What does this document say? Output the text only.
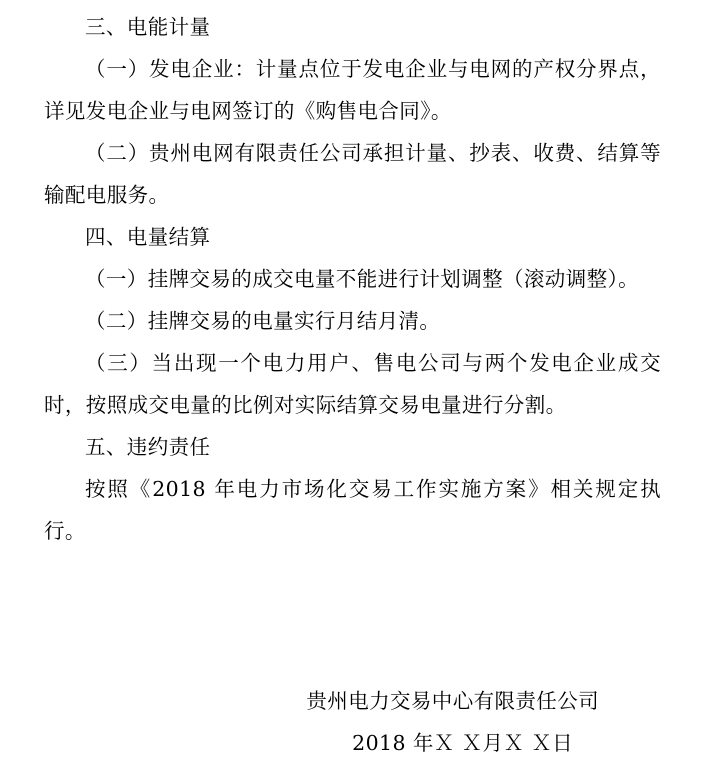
三、电能计量

（一）发电企业：计量点位于发电企业与电网的产权分界点，详见发电企业与电网签订的《购售电合同》。

（二）贵州电网有限责任公司承担计量、抄表、收费、结算等输配电服务。

四、电量结算

（一）挂牌交易的成交电量不能进行计划调整（滚动调整）。

（二）挂牌交易的电量实行月结月清。

（三）当出现一个电力用户、售电公司与两个发电企业成交时，按照成交电量的比例对实际结算交易电量进行分割。

五、违约责任

按照《2018 年电力市场化交易工作实施方案》相关规定执行。

贵州电力交易中心有限责任公司

2018 年Ｘ Ｘ月Ｘ Ｘ日
